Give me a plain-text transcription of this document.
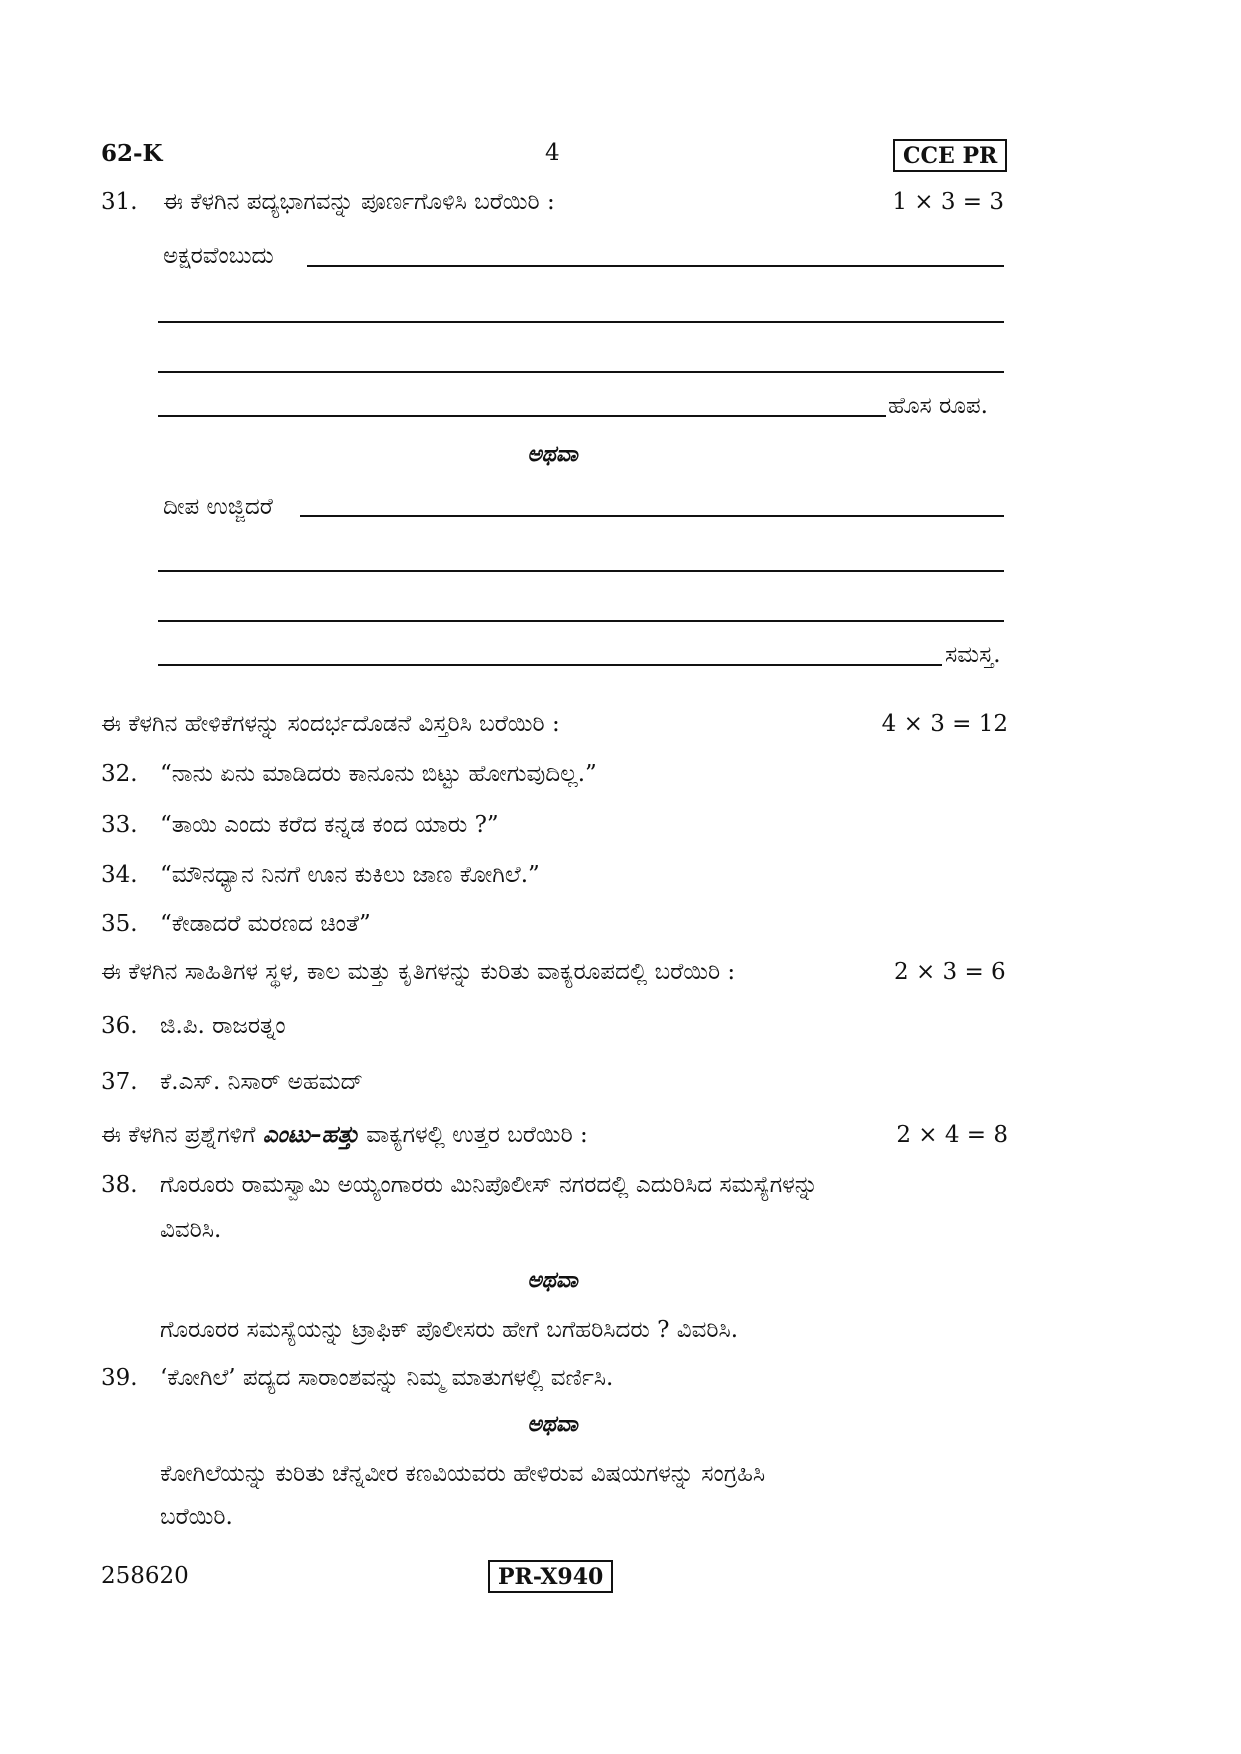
62-K	4	CCE PR
31. ಈ ಕೆಳಗಿನ ಪದ್ಯಭಾಗವನ್ನು ಪೂರ್ಣಗೊಳಿಸಿ ಬರೆಯಿರಿ :	1 × 3 = 3
ಅಕ್ಷರವೆಂಬುದು
ಹೊಸ ರೂಪ.
ಅಥವಾ
ದೀಪ ಉಜ್ಜಿದರೆ
ಸಮಸ್ತ.
ಈ ಕೆಳಗಿನ ಹೇಳಿಕೆಗಳನ್ನು ಸಂದರ್ಭದೊಡನೆ ವಿಸ್ತರಿಸಿ ಬರೆಯಿರಿ :	4 × 3 = 12
32. “ನಾನು ಏನು ಮಾಡಿದರು ಕಾನೂನು ಬಿಟ್ಟು ಹೋಗುವುದಿಲ್ಲ.”
33. “ತಾಯಿ ಎಂದು ಕರೆದ ಕನ್ನಡ ಕಂದ ಯಾರು ?”
34. “ಮೌನಧ್ಯಾನ ನಿನಗೆ ಊನ ಕುಕಿಲು ಜಾಣ ಕೋಗಿಲೆ.”
35. “ಕೇಡಾದರೆ ಮರಣದ ಚಿಂತೆ”
ಈ ಕೆಳಗಿನ ಸಾಹಿತಿಗಳ ಸ್ಥಳ, ಕಾಲ ಮತ್ತು ಕೃತಿಗಳನ್ನು ಕುರಿತು ವಾಕ್ಯರೂಪದಲ್ಲಿ ಬರೆಯಿರಿ :	2 × 3 = 6
36. ಜಿ.ಪಿ. ರಾಜರತ್ನಂ
37. ಕೆ.ಎಸ್. ನಿಸಾರ್ ಅಹಮದ್
ಈ ಕೆಳಗಿನ ಪ್ರಶ್ನೆಗಳಿಗೆ ಎಂಟು–ಹತ್ತು ವಾಕ್ಯಗಳಲ್ಲಿ ಉತ್ತರ ಬರೆಯಿರಿ :	2 × 4 = 8
38. ಗೊರೂರು ರಾಮಸ್ವಾಮಿ ಅಯ್ಯಂಗಾರರು ಮಿನಿಪೊಲೀಸ್ ನಗರದಲ್ಲಿ ಎದುರಿಸಿದ ಸಮಸ್ಯೆಗಳನ್ನು
ವಿವರಿಸಿ.
ಅಥವಾ
ಗೊರೂರರ ಸಮಸ್ಯೆಯನ್ನು ಟ್ರಾಫಿಕ್ ಪೊಲೀಸರು ಹೇಗೆ ಬಗೆಹರಿಸಿದರು ? ವಿವರಿಸಿ.
39. ‘ಕೋಗಿಲೆ’ ಪದ್ಯದ ಸಾರಾಂಶವನ್ನು ನಿಮ್ಮ ಮಾತುಗಳಲ್ಲಿ ವರ್ಣಿಸಿ.
ಅಥವಾ
ಕೋಗಿಲೆಯನ್ನು ಕುರಿತು ಚೆನ್ನವೀರ ಕಣವಿಯವರು ಹೇಳಿರುವ ವಿಷಯಗಳನ್ನು ಸಂಗ್ರಹಿಸಿ
ಬರೆಯಿರಿ.
258620	PR-X940
